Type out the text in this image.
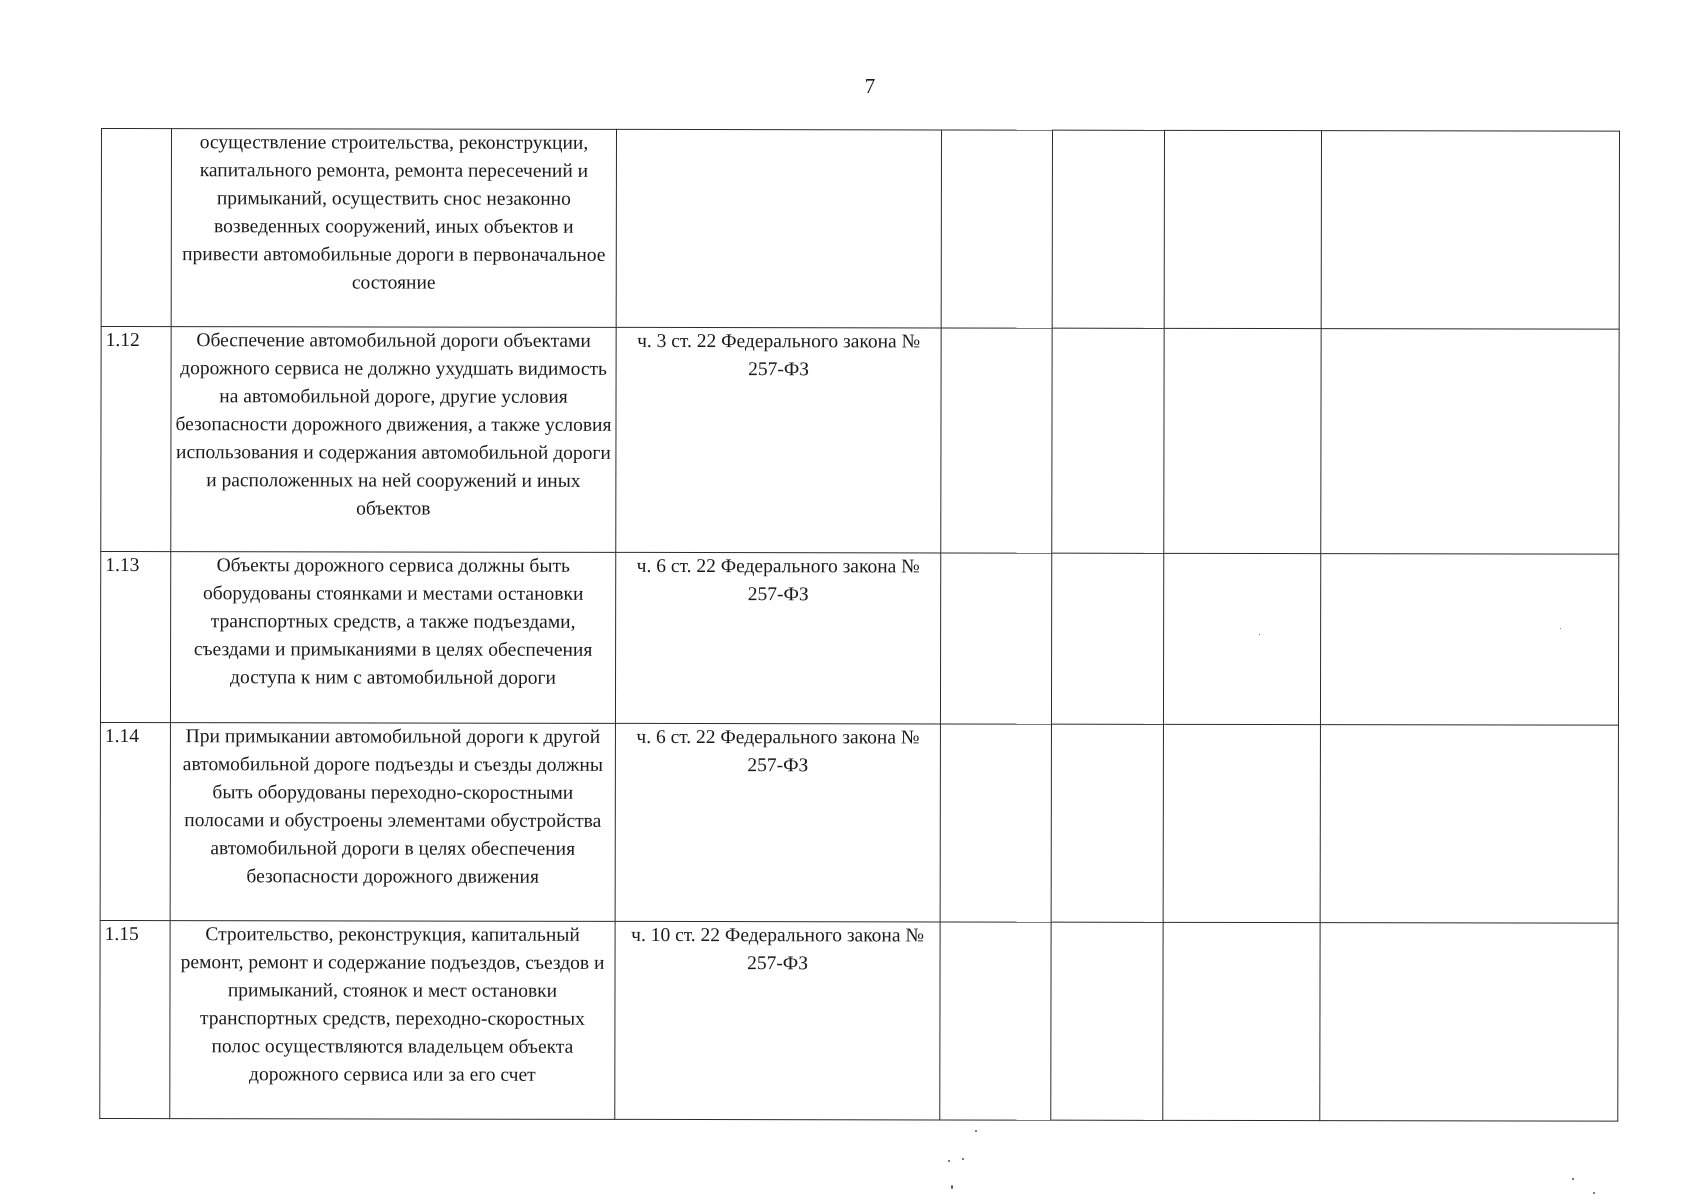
7
	осуществление строительства, реконструкции, капитального ремонта, ремонта пересечений и примыканий, осуществить снос незаконно возведенных сооружений, иных объектов и привести автомобильные дороги в первоначальное состояние					
1.12	Обеспечение автомобильной дороги объектами дорожного сервиса не должно ухудшать видимость на автомобильной дороге, другие условия безопасности дорожного движения, а также условия использования и содержания автомобильной дороги и расположенных на ней сооружений и иных объектов	ч. 3 ст. 22 Федерального закона № 257-ФЗ				
1.13	Объекты дорожного сервиса должны быть оборудованы стоянками и местами остановки транспортных средств, а также подъездами, съездами и примыканиями в целях обеспечения доступа к ним с автомобильной дороги	ч. 6 ст. 22 Федерального закона № 257-ФЗ				
1.14	При примыкании автомобильной дороги к другой автомобильной дороге подъезды и съезды должны быть оборудованы переходно-скоростными полосами и обустроены элементами обустройства автомобильной дороги в целях обеспечения безопасности дорожного движения	ч. 6 ст. 22 Федерального закона № 257-ФЗ				
1.15	Строительство, реконструкция, капитальный ремонт, ремонт и содержание подъездов, съездов и примыканий, стоянок и мест остановки транспортных средств, переходно-скоростных полос осуществляются владельцем объекта дорожного сервиса или за его счет	ч. 10 ст. 22 Федерального закона № 257-ФЗ				
